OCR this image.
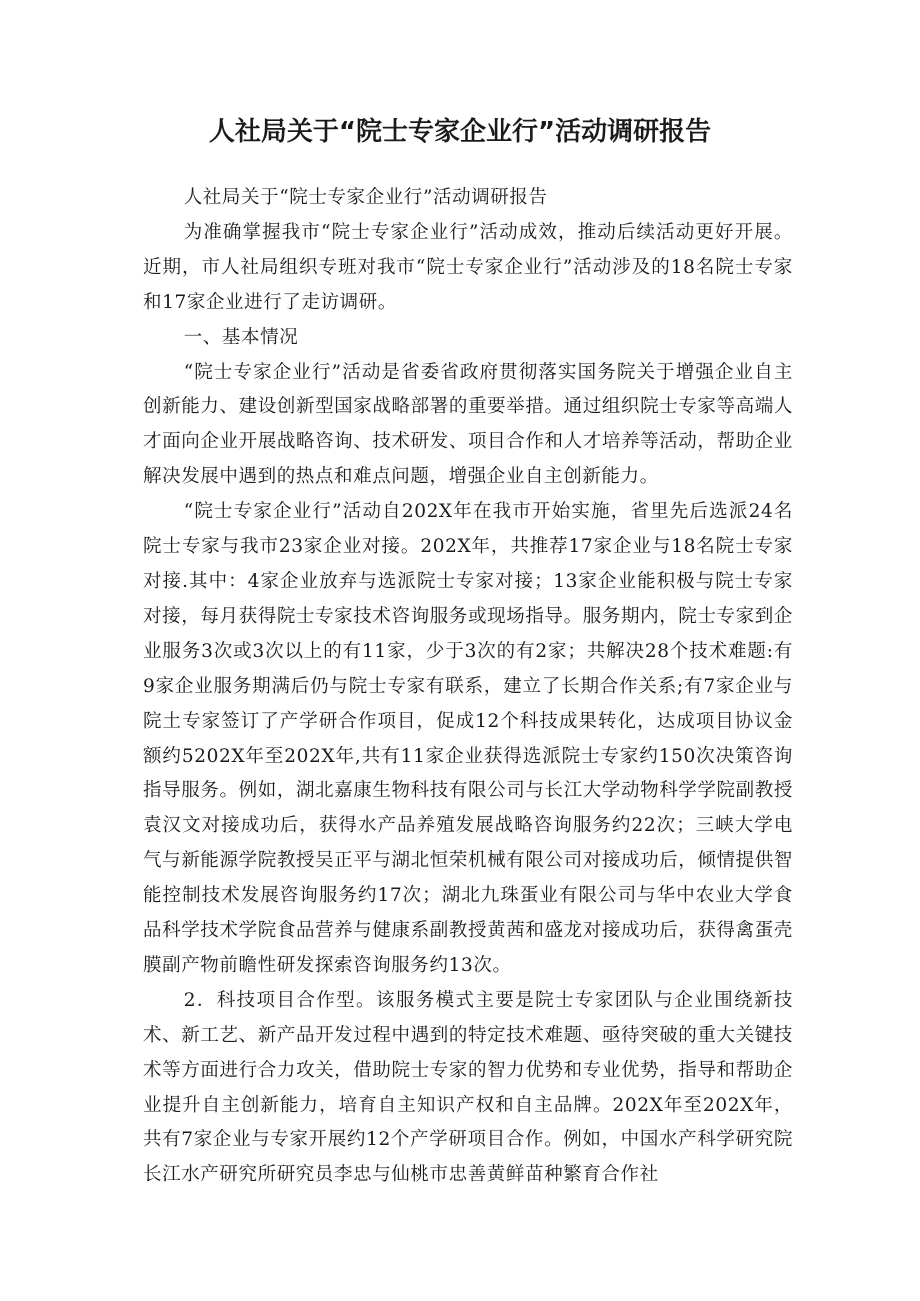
人社局关于“院士专家企业行”活动调研报告

人社局关于“院士专家企业行”活动调研报告

为准确掌握我市“院士专家企业行”活动成效，推动后续活动更好开展。近期，市人社局组织专班对我市“院士专家企业行”活动涉及的18名院士专家和17家企业进行了走访调研。

一、基本情况

“院士专家企业行”活动是省委省政府贯彻落实国务院关于增强企业自主创新能力、建设创新型国家战略部署的重要举措。通过组织院士专家等高端人才面向企业开展战略咨询、技术研发、项目合作和人才培养等活动，帮助企业解决发展中遇到的热点和难点问题，增强企业自主创新能力。

“院士专家企业行”活动自202X年在我市开始实施，省里先后选派24名院士专家与我市23家企业对接。202X年，共推荐17家企业与18名院士专家对接.其中：4家企业放弃与选派院士专家对接；13家企业能积极与院士专家对接，每月获得院士专家技术咨询服务或现场指导。服务期内，院士专家到企业服务3次或3次以上的有11家，少于3次的有2家；共解决28个技术难题:有9家企业服务期满后仍与院士专家有联系，建立了长期合作关系;有7家企业与院土专家签订了产学研合作项目，促成12个科技成果转化，达成项目协议金额约5202X年至202X年,共有11家企业获得选派院士专家约150次决策咨询指导服务。例如，湖北嘉康生物科技有限公司与长江大学动物科学学院副教授袁汉文对接成功后，获得水产品养殖发展战略咨询服务约22次；三峡大学电气与新能源学院教授吴正平与湖北恒荣机械有限公司对接成功后，倾情提供智能控制技术发展咨询服务约17次；湖北九珠蛋业有限公司与华中农业大学食品科学技术学院食品营养与健康系副教授黄茜和盛龙对接成功后，获得禽蛋壳膜副产物前瞻性研发探索咨询服务约13次。

2．科技项目合作型。该服务模式主要是院士专家团队与企业围绕新技术、新工艺、新产品开发过程中遇到的特定技术难题、亟待突破的重大关键技术等方面进行合力攻关，借助院士专家的智力优势和专业优势，指导和帮助企业提升自主创新能力，培育自主知识产权和自主品牌。202X年至202X年，共有7家企业与专家开展约12个产学研项目合作。例如，中国水产科学研究院长江水产研究所研究员李忠与仙桃市忠善黄鲜苗种繁育合作社
